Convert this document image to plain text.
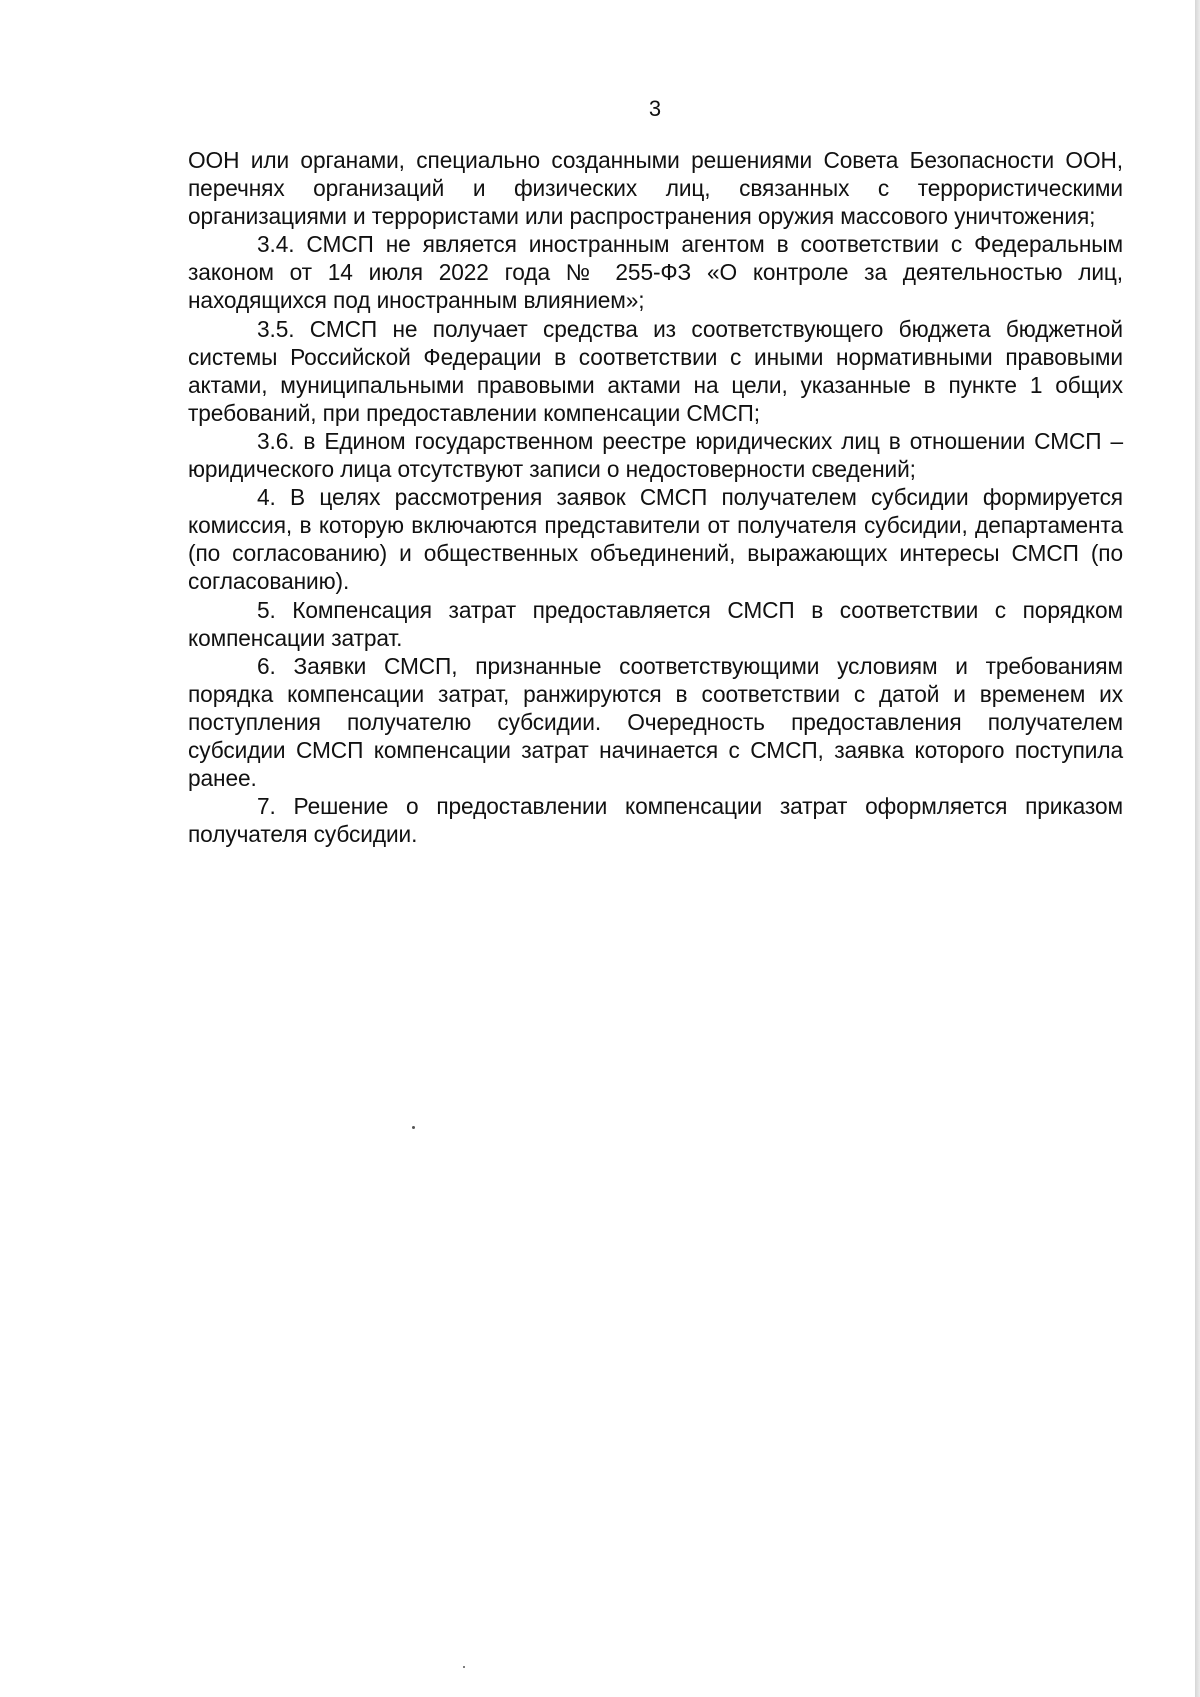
3

ООН или органами, специально созданными решениями Совета Безопасности ООН, перечнях организаций и физических лиц, связанных с террористическими организациями и террористами или распространения оружия массового уничтожения;

3.4. СМСП не является иностранным агентом в соответствии с Федеральным законом от 14 июля 2022 года № 255-ФЗ «О контроле за деятельностью лиц, находящихся под иностранным влиянием»;

3.5. СМСП не получает средства из соответствующего бюджета бюджетной системы Российской Федерации в соответствии с иными нормативными правовыми актами, муниципальными правовыми актами на цели, указанные в пункте 1 общих требований, при предоставлении компенсации СМСП;

3.6. в Едином государственном реестре юридических лиц в отношении СМСП – юридического лица отсутствуют записи о недостоверности сведений;

4. В целях рассмотрения заявок СМСП получателем субсидии формируется комиссия, в которую включаются представители от получателя субсидии, департамента (по согласованию) и общественных объединений, выражающих интересы СМСП (по согласованию).

5. Компенсация затрат предоставляется СМСП в соответствии с порядком компенсации затрат.

6. Заявки СМСП, признанные соответствующими условиям и требованиям порядка компенсации затрат, ранжируются в соответствии с датой и временем их поступления получателю субсидии. Очередность предоставления получателем субсидии СМСП компенсации затрат начинается с СМСП, заявка которого поступила ранее.

7. Решение о предоставлении компенсации затрат оформляется приказом получателя субсидии.
